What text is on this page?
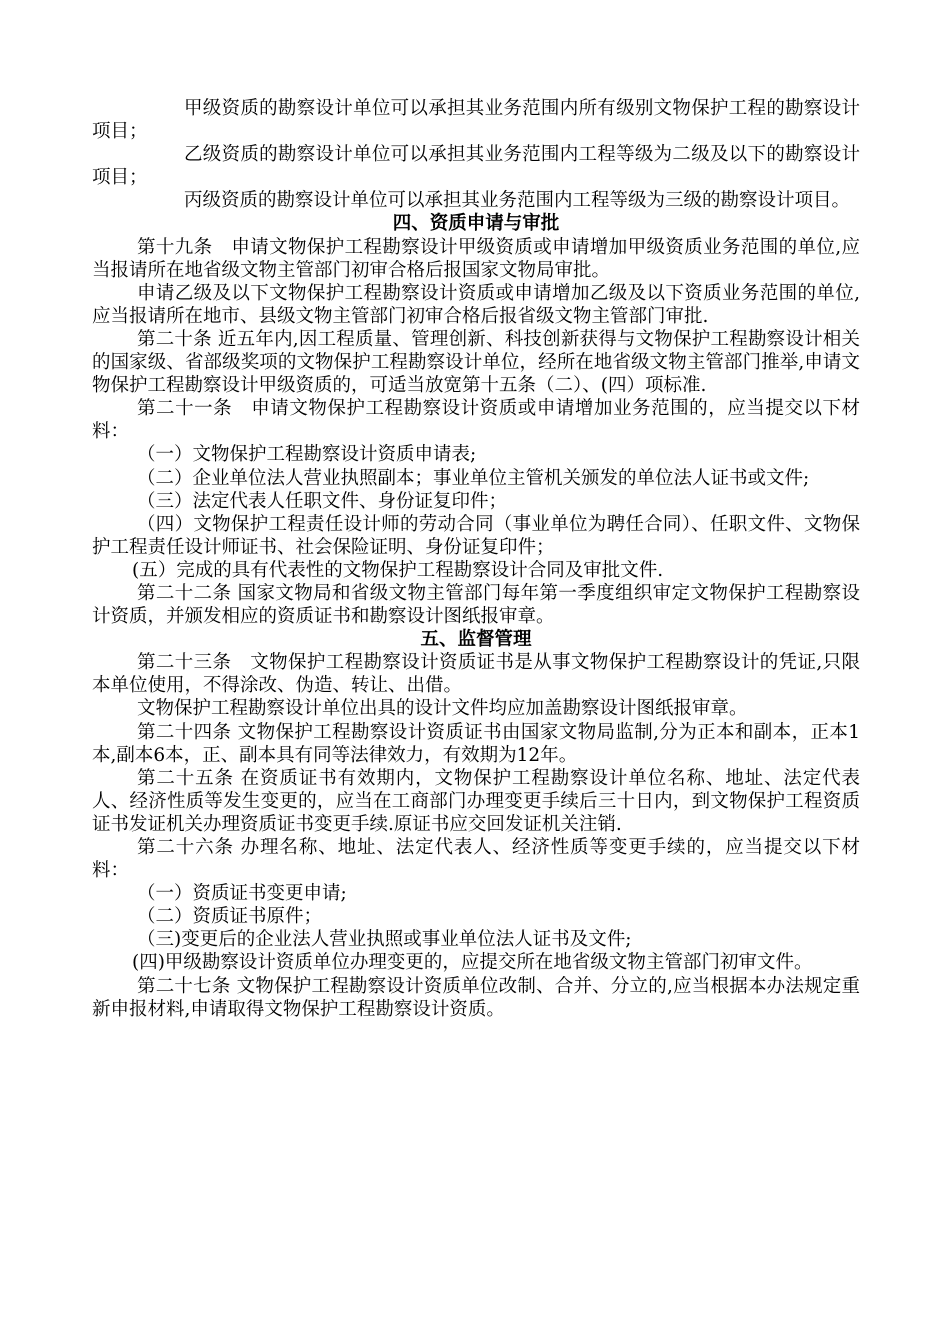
甲级资质的勘察设计单位可以承担其业务范围内所有级别文物保护工程的勘察设计项目；

乙级资质的勘察设计单位可以承担其业务范围内工程等级为二级及以下的勘察设计项目；

丙级资质的勘察设计单位可以承担其业务范围内工程等级为三级的勘察设计项目。

四、资质申请与审批

第十九条　申请文物保护工程勘察设计甲级资质或申请增加甲级资质业务范围的单位,应当报请所在地省级文物主管部门初审合格后报国家文物局审批。

申请乙级及以下文物保护工程勘察设计资质或申请增加乙级及以下资质业务范围的单位,应当报请所在地市、县级文物主管部门初审合格后报省级文物主管部门审批.

第二十条 近五年内,因工程质量、管理创新、科技创新获得与文物保护工程勘察设计相关的国家级、省部级奖项的文物保护工程勘察设计单位，经所在地省级文物主管部门推举,申请文物保护工程勘察设计甲级资质的，可适当放宽第十五条（二）、(四）项标准.

第二十一条　申请文物保护工程勘察设计资质或申请增加业务范围的，应当提交以下材料：

（一）文物保护工程勘察设计资质申请表;

（二）企业单位法人营业执照副本；事业单位主管机关颁发的单位法人证书或文件;

（三）法定代表人任职文件、身份证复印件；

（四）文物保护工程责任设计师的劳动合同（事业单位为聘任合同）、任职文件、文物保护工程责任设计师证书、社会保险证明、身份证复印件；

(五）完成的具有代表性的文物保护工程勘察设计合同及审批文件.

第二十二条 国家文物局和省级文物主管部门每年第一季度组织审定文物保护工程勘察设计资质，并颁发相应的资质证书和勘察设计图纸报审章。

五、监督管理

第二十三条　文物保护工程勘察设计资质证书是从事文物保护工程勘察设计的凭证,只限本单位使用，不得涂改、伪造、转让、出借。

文物保护工程勘察设计单位出具的设计文件均应加盖勘察设计图纸报审章。

第二十四条 文物保护工程勘察设计资质证书由国家文物局监制,分为正本和副本，正本1本,副本6本，正、副本具有同等法律效力，有效期为12年。

第二十五条 在资质证书有效期内，文物保护工程勘察设计单位名称、地址、法定代表人、经济性质等发生变更的，应当在工商部门办理变更手续后三十日内，到文物保护工程资质证书发证机关办理资质证书变更手续.原证书应交回发证机关注销.

第二十六条 办理名称、地址、法定代表人、经济性质等变更手续的，应当提交以下材料：

（一）资质证书变更申请;

（二）资质证书原件；

（三)变更后的企业法人营业执照或事业单位法人证书及文件;

(四)甲级勘察设计资质单位办理变更的，应提交所在地省级文物主管部门初审文件。

第二十七条 文物保护工程勘察设计资质单位改制、合并、分立的,应当根据本办法规定重新申报材料,申请取得文物保护工程勘察设计资质。
